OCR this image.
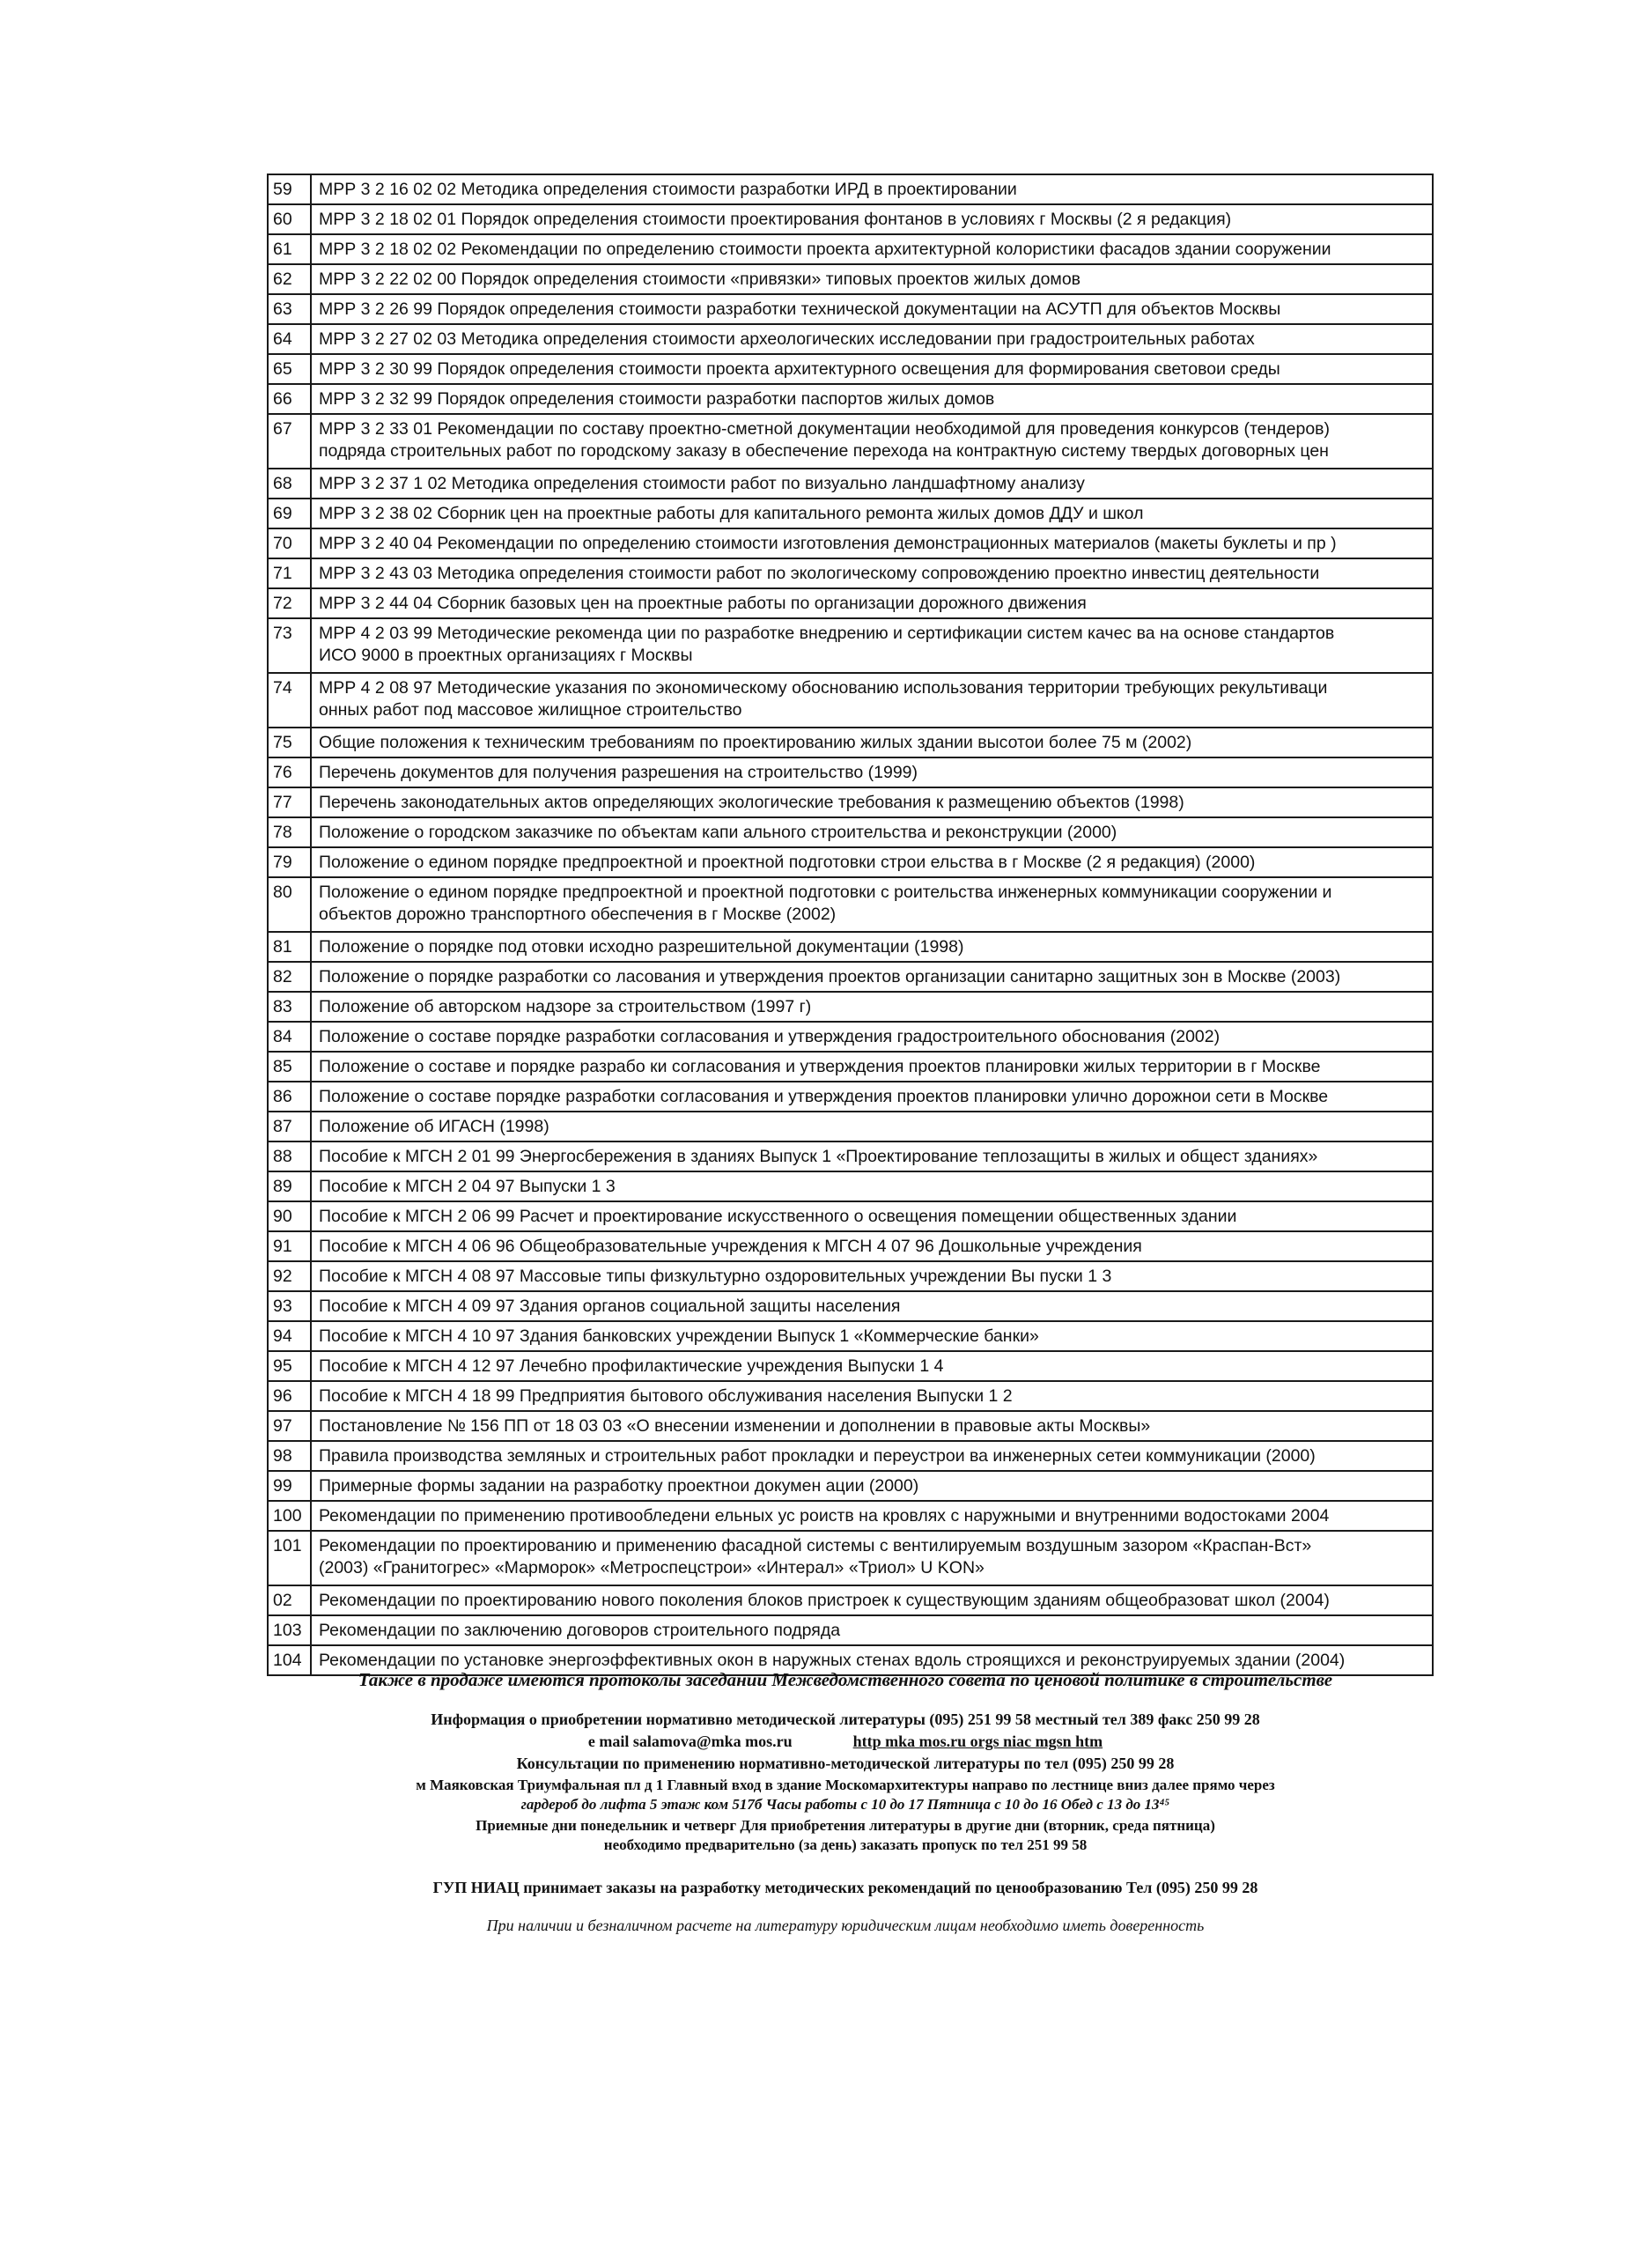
59	МРР 3 2 16 02 02 Методика определения стоимости разработки ИРД в проектировании

60	МРР 3 2 18 02 01 Порядок определения стоимости проектирования фонтанов в условиях г Москвы (2 я редакция)

61	МРР 3 2 18 02 02 Рекомендации по определению стоимости проекта архитектурной колористики фасадов здании сооружении

62	МРР 3 2 22 02 00 Порядок определения стоимости «привязки» типовых проектов жилых домов

63	МРР 3 2 26 99 Порядок определения стоимости разработки технической документации на АСУТП для объектов Москвы

64	МРР 3 2 27 02 03 Методика определения стоимости археологических исследовании при градостроительных работах

65	МРР 3 2 30 99 Порядок определения стоимости проекта архитектурного освещения для формирования световои среды

66	МРР 3 2 32 99 Порядок определения стоимости разработки паспортов жилых домов

67	МРР 3 2 33 01 Рекомендации по составу проектно-сметной документации необходимой для проведения конкурсов (тендеров)
подряда строительных работ по городскому заказу в обеспечение перехода на контрактную систему твердых договорных цен

68	МРР 3 2 37 1 02 Методика определения стоимости работ по визуально ландшафтному анализу

69	МРР 3 2 38 02 Сборник цен на проектные работы для капитального ремонта жилых домов ДДУ и школ

70	МРР 3 2 40 04 Рекомендации по определению стоимости изготовления демонстрационных материалов (макеты буклеты и пр )

71	МРР 3 2 43 03 Методика определения стоимости работ по экологическому сопровождению проектно инвестиц деятельности

72	МРР 3 2 44 04 Сборник базовых цен на проектные работы по организации дорожного движения

73	МРР 4 2 03 99 Методические рекоменда ции по разработке внедрению и сертификации систем качес ва на основе стандартов
ИСО 9000 в проектных организациях г Москвы

74	МРР 4 2 08 97 Методические указания по экономическому обоснованию использования территории требующих рекультиваци
онных работ под массовое жилищное строительство

75	Общие положения к техническим требованиям по проектированию жилых здании высотои более 75 м (2002)

76	Перечень документов для получения разрешения на строительство (1999)

77	Перечень законодательных актов определяющих экологические требования к размещению объектов (1998)

78	Положение о городском заказчике по объектам капи ального строительства и реконструкции (2000)

79	Положение о едином порядке предпроектной и проектной подготовки строи ельства в г Москве (2 я редакция) (2000)

80	Положение о едином порядке предпроектной и проектной подготовки с роительства инженерных коммуникации сооружении и
объектов дорожно транспортного обеспечения в г Москве (2002)

81	Положение о порядке под отовки исходно разрешительной документации (1998)

82	Положение о порядке разработки со ласования и утверждения проектов организации санитарно защитных зон в Москве (2003)

83	Положение об авторском надзоре за строительством (1997 г)

84	Положение о составе порядке разработки согласования и утверждения градостроительного обоснования (2002)

85	Положение о составе и порядке разрабо ки согласования и утверждения проектов планировки жилых территории в г Москве

86	Положение о составе порядке разработки согласования и утверждения проектов планировки улично дорожнои сети в Москве

87	Положение об ИГАСН (1998)

88	Пособие к МГСН 2 01 99 Энергосбережения в зданиях Выпуск 1 «Проектирование теплозащиты в жилых и общест зданиях»

89	Пособие к МГСН 2 04 97 Выпуски 1 3

90	Пособие к МГСН 2 06 99 Расчет и проектирование искусственного о освещения помещении общественных здании

91	Пособие к МГСН 4 06 96 Общеобразовательные учреждения к МГСН 4 07 96 Дошкольные учреждения

92	Пособие к МГСН 4 08 97 Массовые типы физкультурно оздоровительных учреждении Вы пуски 1 3

93	Пособие к МГСН 4 09 97 Здания органов социальной защиты населения

94	Пособие к МГСН 4 10 97 Здания банковских учреждении Выпуск 1 «Коммерческие банки»

95	Пособие к МГСН 4 12 97 Лечебно профилактические учреждения Выпуски 1 4

96	Пособие к МГСН 4 18 99 Предприятия бытового обслуживания населения Выпуски 1 2

97	Постановление № 156 ПП от 18 03 03 «О внесении изменении и дополнении в правовые акты Москвы»

98	Правила производства земляных и строительных работ прокладки и переустрои ва инженерных сетеи коммуникации (2000)

99	Примерные формы задании на разработку проектнои докумен ации (2000)

100	Рекомендации по применению противообледени ельных ус роиств на кровлях с наружными и внутренними водостоками 2004

101	Рекомендации по проектированию и применению фасадной системы с вентилируемым воздушным зазором «Краспан-Вст»
(2003) «Гранитогрес» «Марморок» «Метроспецстрои» «Интерал» «Триол» U KON»

02	Рекомендации по проектированию нового поколения блоков пристроек к существующим зданиям общеобразоват школ (2004)

103	Рекомендации по заключению договоров строительного подряда

104	Рекомендации по установке энергоэффективных окон в наружных стенах вдоль строящихся и реконструируемых здании (2004)
Также в продаже имеются протоколы заседании Межведомственного совета по ценовой политике в строительстве
Информация о приобретении нормативно методической литературы (095) 251 99 58 местный тел 389 факс 250 99 28
e mail salamova@mka mos.ru	http mka mos.ru orgs niac mgsn htm
Консультации по применению нормативно-методической литературы по тел (095) 250 99 28
м Маяковская Триумфальная пл д 1 Главный вход в здание Москомархитектуры направо по лестнице вниз далее прямо через
гардероб до лифта 5 этаж ком 517б Часы работы с 10 до 17 Пятница с 10 до 16 Обед с 13 до 13⁴⁵
Приемные дни понедельник и четверг Для приобретения литературы в другие дни (вторник, среда пятница)
необходимо предварительно (за день) заказать пропуск по тел 251 99 58
ГУП НИАЦ принимает заказы на разработку методических рекомендаций по ценообразованию Тел (095) 250 99 28
При наличии и безналичном расчете на литературу юридическим лицам необходимо иметь доверенность
